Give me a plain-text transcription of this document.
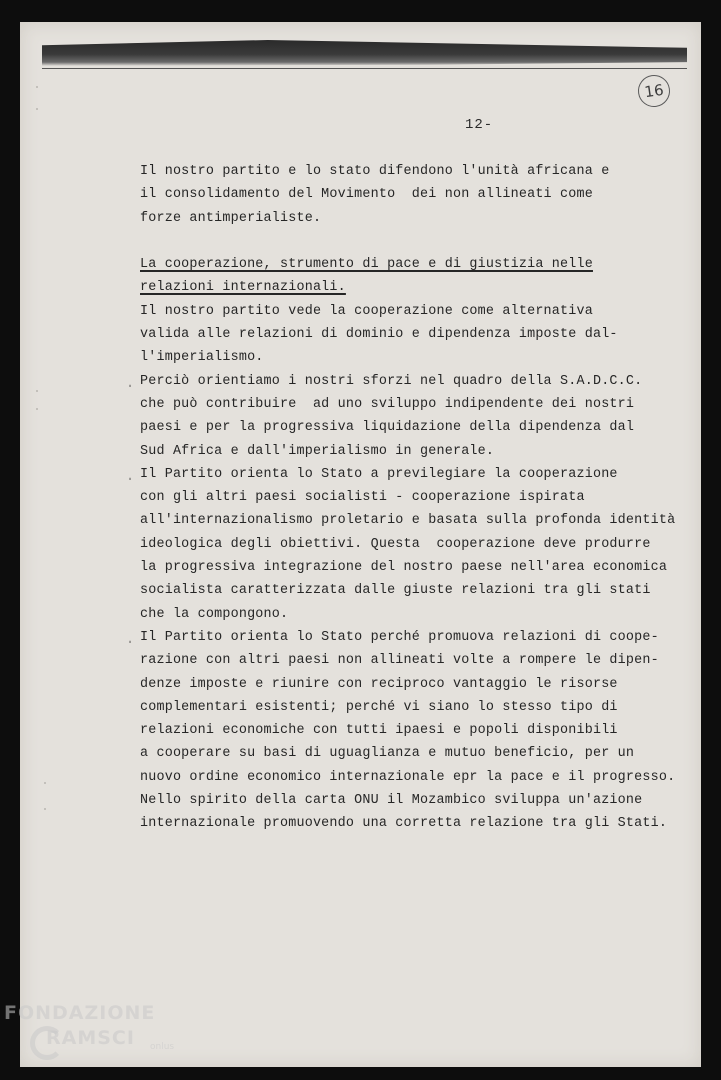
16
12-
Il nostro partito e lo stato difendono l'unità africana e
il consolidamento del Movimento  dei non allineati come
forze antimperialiste.
La cooperazione, strumento di pace e di giustizia nelle
relazioni internazionali.
Il nostro partito vede la cooperazione come alternativa
valida alle relazioni di dominio e dipendenza imposte dal-
l'imperialismo.
ˌ Perciò orientiamo i nostri sforzi nel quadro della S.A.D.C.C.
che può contribuire  ad uno sviluppo indipendente dei nostri
paesi e per la progressiva liquidazione della dipendenza dal
Sud Africa e dall'imperialismo in generale.
ˌ Il Partito orienta lo Stato a previlegiare la cooperazione
con gli altri paesi socialisti - cooperazione ispirata
all'internazionalismo proletario e basata sulla profonda identità
ideologica degli obiettivi. Questa  cooperazione deve produrre
la progressiva integrazione del nostro paese nell'area economica
socialista caratterizzata dalle giuste relazioni tra gli stati
che la compongono.
ˌ Il Partito orienta lo Stato perché promuova relazioni di coope-
razione con altri paesi non allineati volte a rompere le dipen-
denze imposte e riunire con reciproco vantaggio le risorse
complementari esistenti; perché vi siano lo stesso tipo di
relazioni economiche con tutti ipaesi e popoli disponibili
a cooperare su basi di uguaglianza e mutuo beneficio, per un
nuovo ordine economico internazionale epr la pace e il progresso.
Nello spirito della carta ONU il Mozambico sviluppa un'azione
internazionale promuovendo una corretta relazione tra gli Stati.
FONDAZIONE
RAMSCI onlus
